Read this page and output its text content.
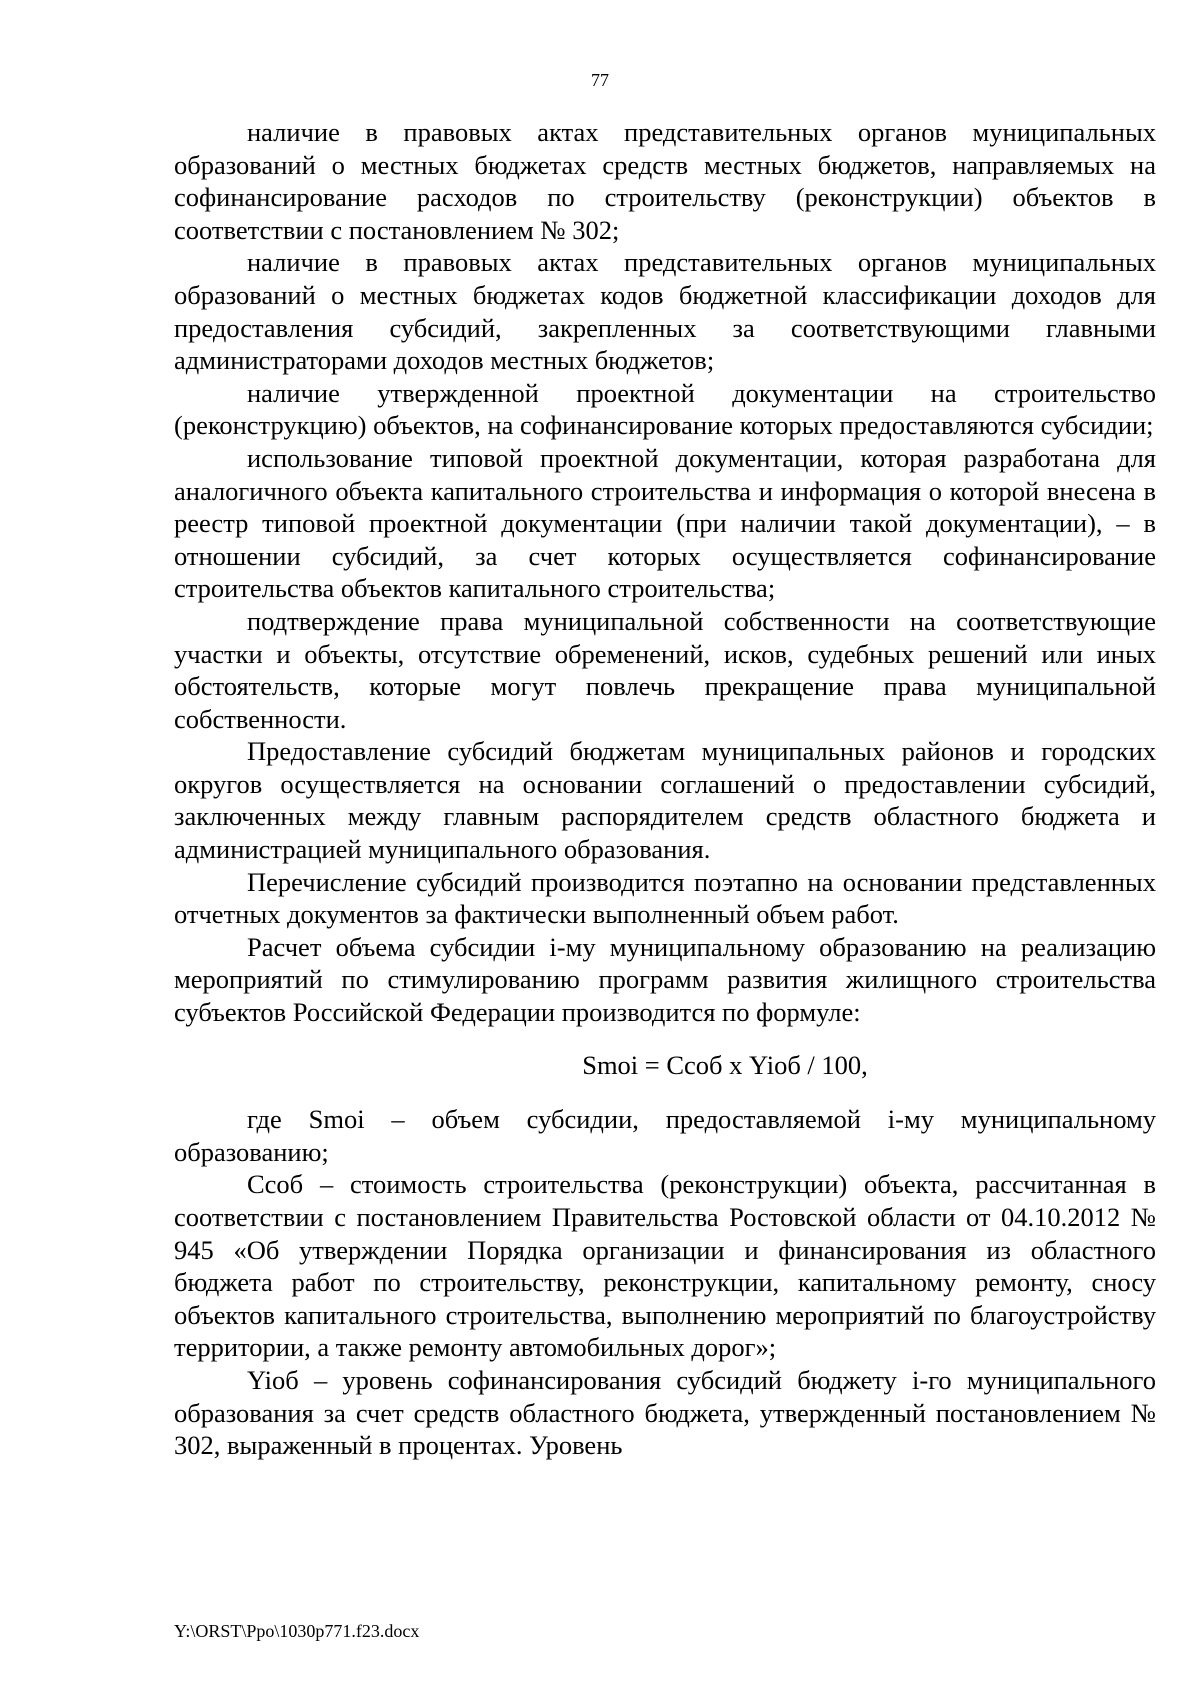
77

наличие в правовых актах представительных органов муниципальных образований о местных бюджетах средств местных бюджетов, направляемых на софинансирование расходов по строительству (реконструкции) объектов в соответствии с постановлением № 302;

наличие в правовых актах представительных органов муниципальных образований о местных бюджетах кодов бюджетной классификации доходов для предоставления субсидий, закрепленных за соответствующими главными администраторами доходов местных бюджетов;

наличие утвержденной проектной документации на строительство (реконструкцию) объектов, на софинансирование которых предоставляются субсидии;

использование типовой проектной документации, которая разработана для аналогичного объекта капитального строительства и информация о которой внесена в реестр типовой проектной документации (при наличии такой документации), – в отношении субсидий, за счет которых осуществляется софинансирование строительства объектов капитального строительства;

подтверждение права муниципальной собственности на соответствующие участки и объекты, отсутствие обременений, исков, судебных решений или иных обстоятельств, которые могут повлечь прекращение права муниципальной собственности.

Предоставление субсидий бюджетам муниципальных районов и городских округов осуществляется на основании соглашений о предоставлении субсидий, заключенных между главным распорядителем средств областного бюджета и администрацией муниципального образования.

Перечисление субсидий производится поэтапно на основании представленных отчетных документов за фактически выполненный объем работ.

Расчет объема субсидии i-му муниципальному образованию на реализацию мероприятий по стимулированию программ развития жилищного строительства субъектов Российской Федерации производится по формуле:

Smoi = Cсоб х Yiоб / 100,

где Smoi – объем субсидии, предоставляемой i-му муниципальному образованию;

Cсоб – стоимость строительства (реконструкции) объекта, рассчитанная в соответствии с постановлением Правительства Ростовской области от 04.10.2012 № 945 «Об утверждении Порядка организации и финансирования из областного бюджета работ по строительству, реконструкции, капитальному ремонту, сносу объектов капитального строительства, выполнению мероприятий по благоустройству территории, а также ремонту автомобильных дорог»;

Yiоб – уровень софинансирования субсидий бюджету i-го муниципального образования за счет средств областного бюджета, утвержденный постановлением № 302, выраженный в процентах. Уровень

Y:\ORST\Ppo\1030p771.f23.docx
